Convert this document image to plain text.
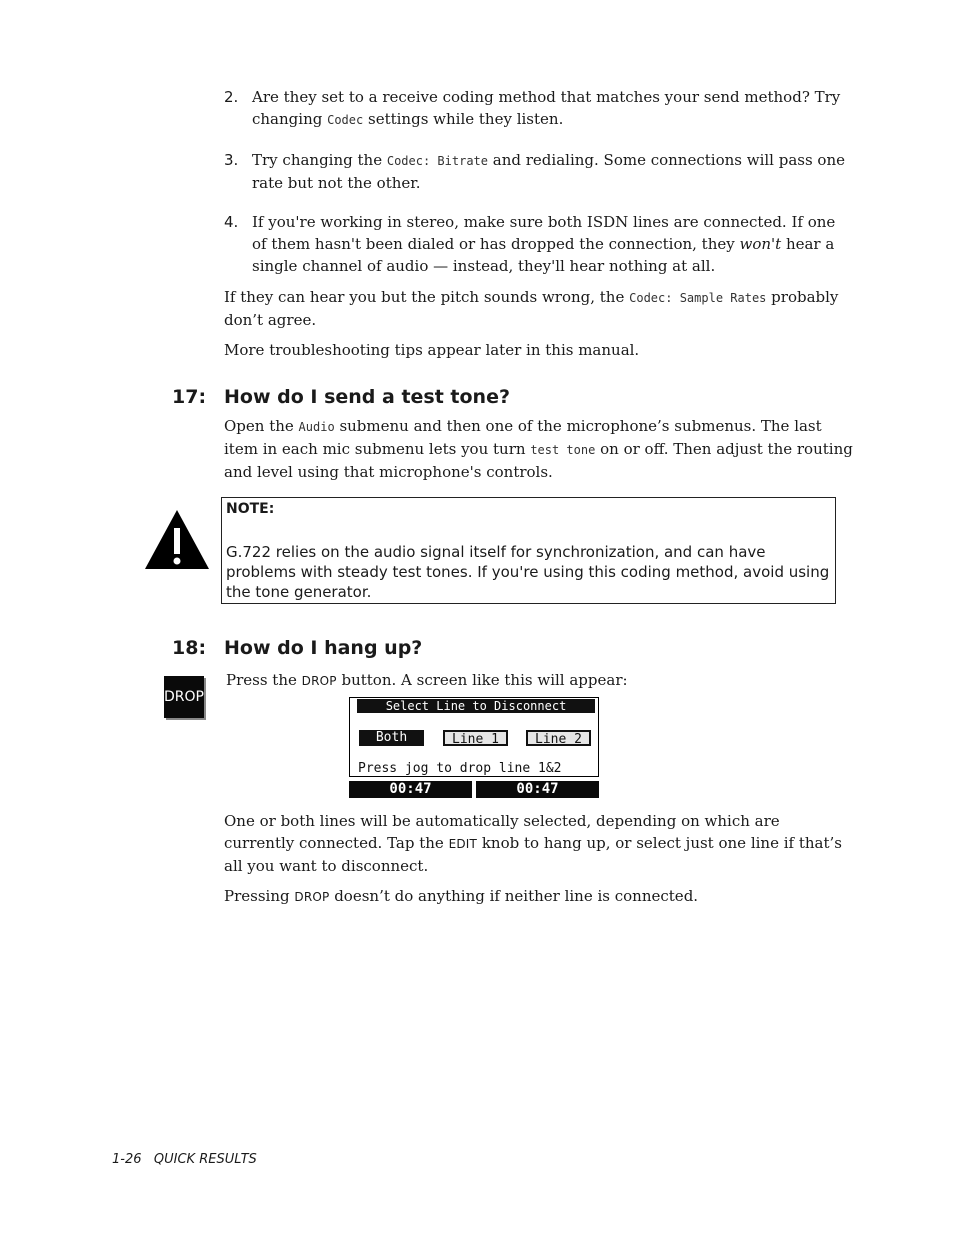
2. Are they set to a receive coding method that matches your send method? Try changing Codec settings while they listen.
3. Try changing the Codec: Bitrate and redialing. Some connections will pass one rate but not the other.
4. If you're working in stereo, make sure both ISDN lines are connected. If one of them hasn't been dialed or has dropped the connection, they won't hear a single channel of audio — instead, they'll hear nothing at all.

If they can hear you but the pitch sounds wrong, the Codec: Sample Rates probably don’t agree.

More troubleshooting tips appear later in this manual.

17: How do I send a test tone?

Open the Audio submenu and then one of the microphone’s submenus. The last item in each mic submenu lets you turn test tone on or off. Then adjust the routing and level using that microphone's controls.

NOTE:
G.722 relies on the audio signal itself for synchronization, and can have problems with steady test tones. If you're using this coding method, avoid using the tone generator.
18: How do I hang up?
DROP

Press the DROP button. A screen like this will appear:

Select Line to Disconnect
Both	Line 1	Line 2
Press jog to drop line 1&2
00:47	00:47

One or both lines will be automatically selected, depending on which are currently connected. Tap the EDIT knob to hang up, or select just one line if that’s all you want to disconnect.

Pressing DROP doesn’t do anything if neither line is connected.

1-26   QUICK RESULTS
